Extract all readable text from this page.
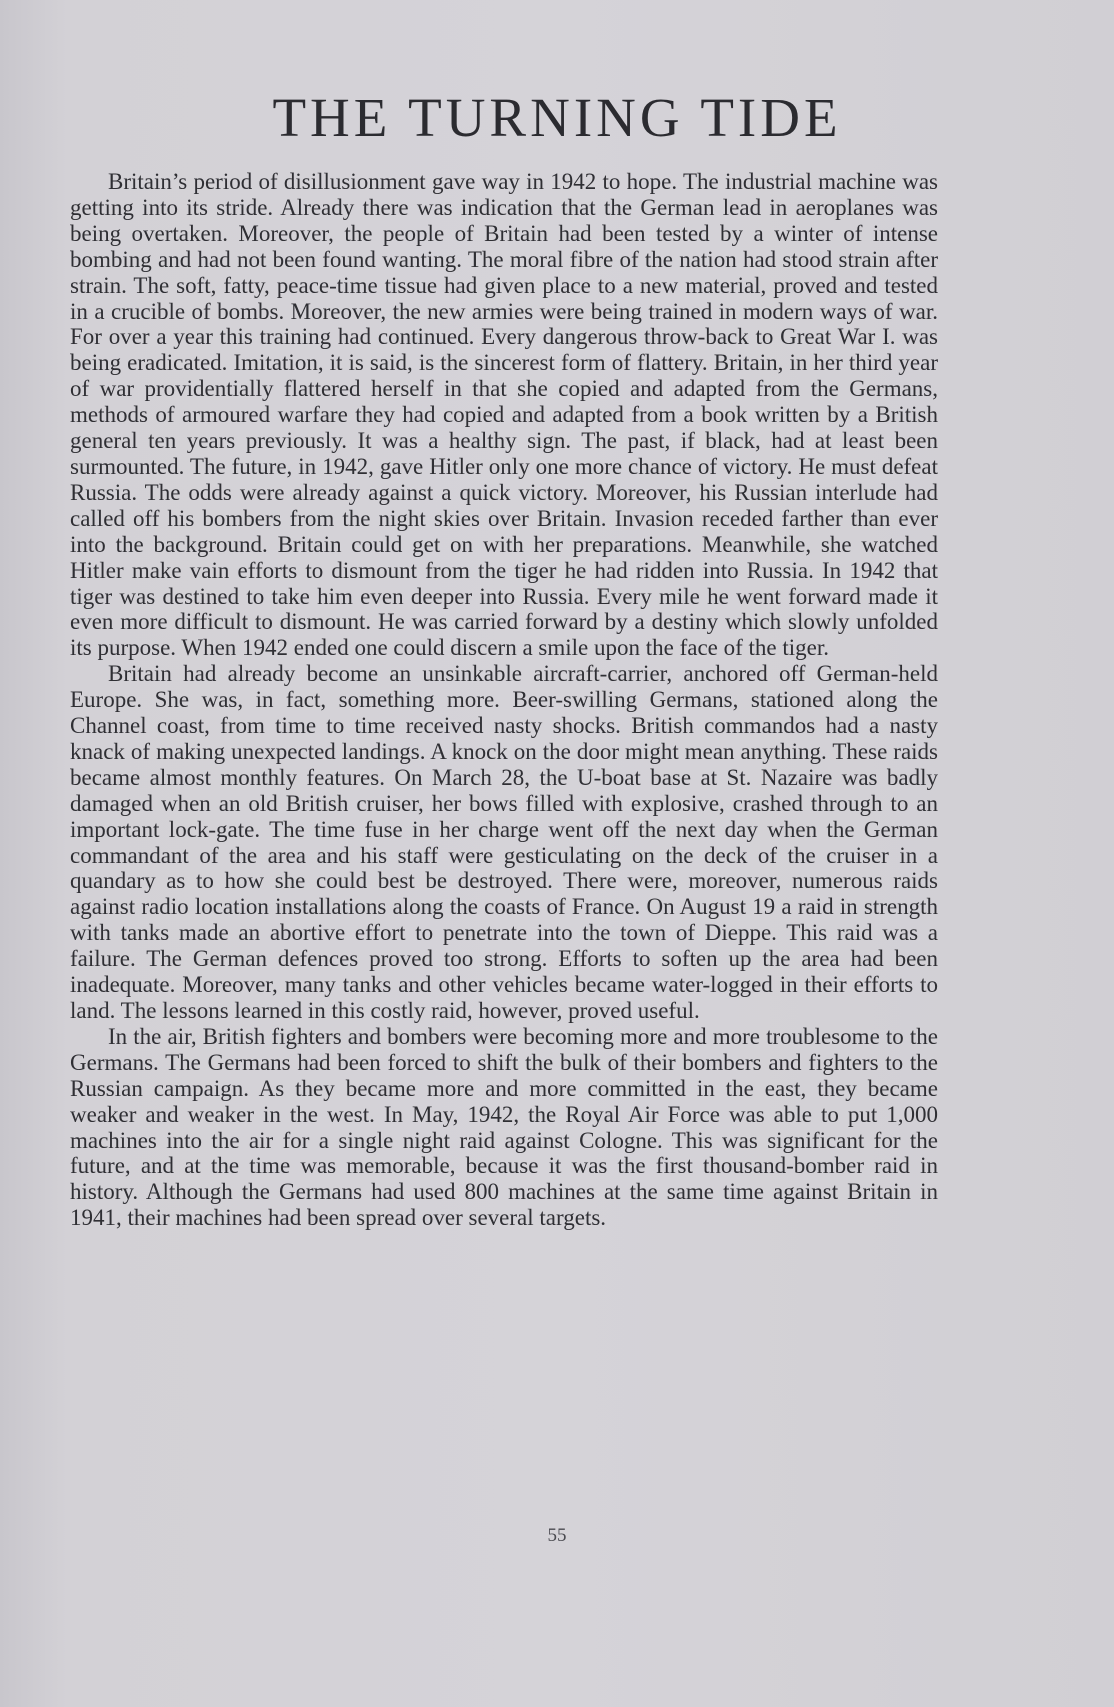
THE TURNING TIDE

Britain’s period of disillusionment gave way in 1942 to hope. The industrial machine was getting into its stride. Already there was indication that the German lead in aeroplanes was being overtaken. Moreover, the people of Britain had been tested by a winter of intense bombing and had not been found wanting. The moral fibre of the nation had stood strain after strain. The soft, fatty, peace-time tissue had given place to a new material, proved and tested in a crucible of bombs. Moreover, the new armies were being trained in modern ways of war. For over a year this training had continued. Every dangerous throw-back to Great War I. was being eradicated. Imitation, it is said, is the sincerest form of flattery. Britain, in her third year of war providentially flattered herself in that she copied and adapted from the Germans, methods of armoured warfare they had copied and adapted from a book written by a British general ten years previously. It was a healthy sign. The past, if black, had at least been surmounted. The future, in 1942, gave Hitler only one more chance of victory. He must defeat Russia. The odds were already against a quick victory. Moreover, his Russian interlude had called off his bombers from the night skies over Britain. Invasion receded farther than ever into the background. Britain could get on with her preparations. Meanwhile, she watched Hitler make vain efforts to dismount from the tiger he had ridden into Russia. In 1942 that tiger was destined to take him even deeper into Russia. Every mile he went forward made it even more difficult to dismount. He was carried forward by a destiny which slowly unfolded its purpose. When 1942 ended one could discern a smile upon the face of the tiger.

Britain had already become an unsinkable aircraft-carrier, anchored off German-held Europe. She was, in fact, something more. Beer-swilling Germans, stationed along the Channel coast, from time to time received nasty shocks. British commandos had a nasty knack of making unexpected landings. A knock on the door might mean anything. These raids became almost monthly features. On March 28, the U-boat base at St. Nazaire was badly damaged when an old British cruiser, her bows filled with explosive, crashed through to an important lock-gate. The time fuse in her charge went off the next day when the German commandant of the area and his staff were gesticulating on the deck of the cruiser in a quandary as to how she could best be destroyed. There were, moreover, numerous raids against radio location installations along the coasts of France. On August 19 a raid in strength with tanks made an abortive effort to penetrate into the town of Dieppe. This raid was a failure. The German defences proved too strong. Efforts to soften up the area had been inadequate. Moreover, many tanks and other vehicles became water-logged in their efforts to land. The lessons learned in this costly raid, however, proved useful.

In the air, British fighters and bombers were becoming more and more troublesome to the Germans. The Germans had been forced to shift the bulk of their bombers and fighters to the Russian campaign. As they became more and more committed in the east, they became weaker and weaker in the west. In May, 1942, the Royal Air Force was able to put 1,000 machines into the air for a single night raid against Cologne. This was significant for the future, and at the time was memorable, because it was the first thousand-bomber raid in history. Although the Germans had used 800 machines at the same time against Britain in 1941, their machines had been spread over several targets.

55
